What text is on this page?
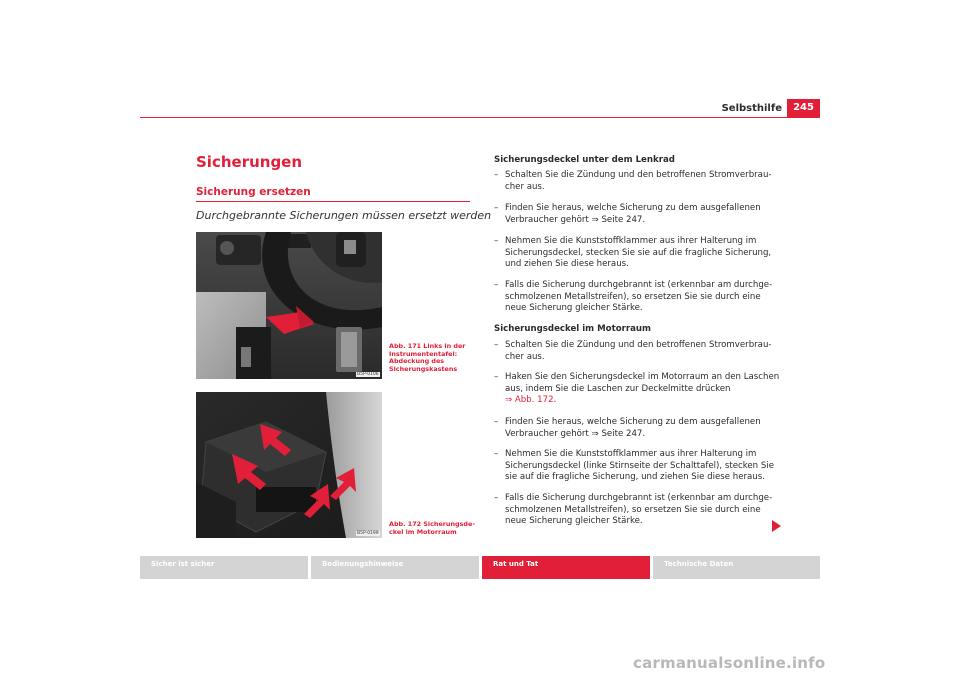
Selbsthilfe	245
Sicherungen
Sicherung ersetzen
Durchgebrannte Sicherungen müssen ersetzt werden
B5P-0106
Abb. 171 Links in der Instrumententafel: Abdeckung des Sicherungskastens
B5P-0199
Abb. 172 Sicherungsdeckel im Motorraum
Sicherungsdeckel unter dem Lenkrad
– Schalten Sie die Zündung und den betroffenen Stromverbraucher aus.
– Finden Sie heraus, welche Sicherung zu dem ausgefallenen Verbraucher gehört ⇒ Seite 247.
– Nehmen Sie die Kunststoffklammer aus ihrer Halterung im Sicherungsdeckel, stecken Sie sie auf die fragliche Sicherung, und ziehen Sie diese heraus.
– Falls die Sicherung durchgebrannt ist (erkennbar am durchgeschmolzenen Metallstreifen), so ersetzen Sie sie durch eine neue Sicherung gleicher Stärke.
Sicherungsdeckel im Motorraum
– Schalten Sie die Zündung und den betroffenen Stromverbraucher aus.
– Haken Sie den Sicherungsdeckel im Motorraum an den Laschen aus, indem Sie die Laschen zur Deckelmitte drücken
⇒ Abb. 172.
– Finden Sie heraus, welche Sicherung zu dem ausgefallenen Verbraucher gehört ⇒ Seite 247.
– Nehmen Sie die Kunststoffklammer aus ihrer Halterung im Sicherungsdeckel (linke Stirnseite der Schalttafel), stecken Sie sie auf die fragliche Sicherung, und ziehen Sie diese heraus.
– Falls die Sicherung durchgebrannt ist (erkennbar am durchgeschmolzenen Metallstreifen), so ersetzen Sie sie durch eine neue Sicherung gleicher Stärke.
Sicher ist sicher	Bedienungshinweise	Rat und Tat	Technische Daten
carmanualsonline.info
